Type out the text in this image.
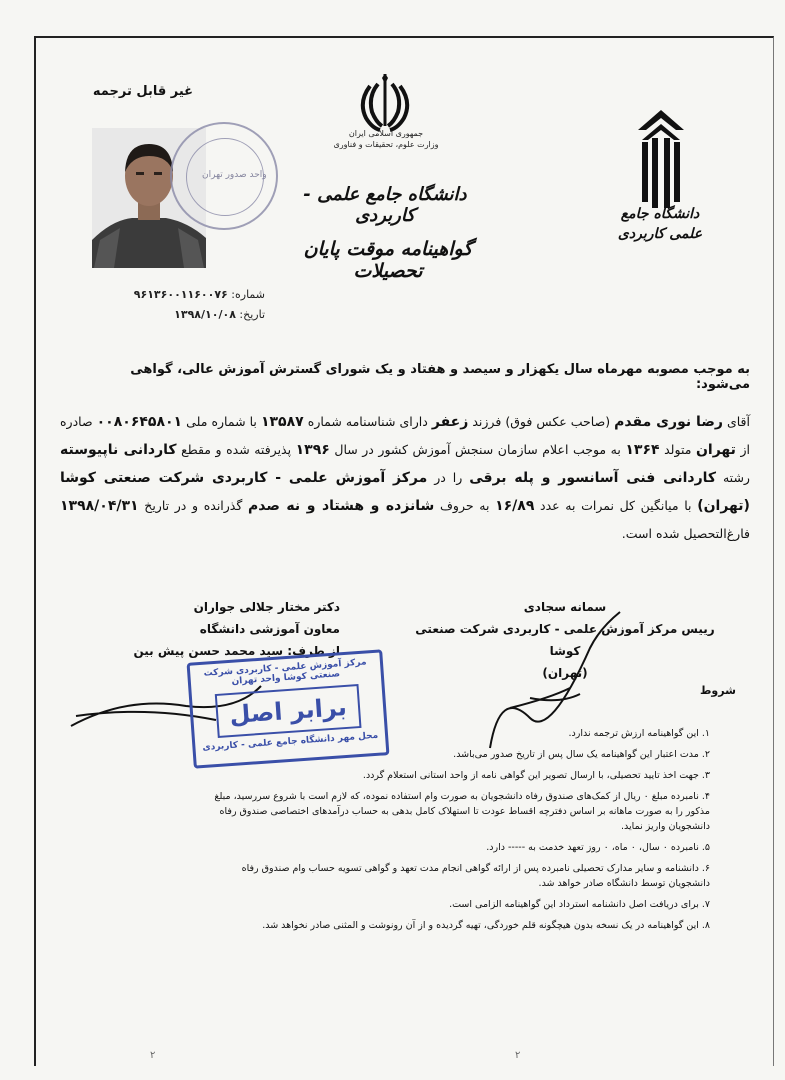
غیر قابل ترجمه
واحد صدور تهران
شماره: ۹۶۱۳۶۰۰۱۱۶۰۰۷۶
تاریخ: ۱۳۹۸/۱۰/۰۸
جمهوری اسلامی ایران
وزارت علوم، تحقیقات و فناوری
دانشگاه جامع علمی - کاربردی
گواهینامه موقت پایان تحصیلات
دانشگاه جامع
علمی کاربردی
به موجب مصوبه مهرماه سال یکهزار و سیصد و هفتاد و یک شورای گسترش آموزش عالی، گواهی می‌شود:
آقای رضا نوری مقدم (صاحب عکس فوق) فرزند زعفر دارای شناسنامه شماره ۱۳۵۸۷ با شماره ملی ۰۰۸۰۶۴۵۸۰۱ صادره از تهران متولد ۱۳۶۴ به موجب اعلام سازمان سنجش آموزش کشور در سال ۱۳۹۶ پذیرفته شده و مقطع کاردانی ناپیوسته رشته کاردانی فنی آسانسور و پله برقی را در مرکز آموزش علمی - کاربردی شرکت صنعتی کوشا (تهران) با میانگین کل نمرات به عدد ۱۶/۸۹ به حروف شانزده و هشتاد و نه صدم گذرانده و در تاریخ ۱۳۹۸/۰۴/۳۱ فارغ‌التحصیل شده است.
سمانه سجادی
رییس مرکز آموزش علمی - کاربردی شرکت صنعتی کوشا
(تهران)
دکتر مختار جلالی جواران
معاون آموزشی دانشگاه
از طرف: سید محمد حسن پیش بین
مرکز آموزش علمی - کاربردی شرکت صنعتی کوشا واحد تهران
برابر اصل
محل مهر دانشگاه جامع علمی - کاربردی
شروط
۱. این گواهینامه ارزش ترجمه ندارد.
۲. مدت اعتبار این گواهینامه یک سال پس از تاریخ صدور می‌باشد.
۳. جهت اخذ تایید تحصیلی، با ارسال تصویر این گواهی نامه از واحد استانی استعلام گردد.
۴. نامبرده مبلغ ۰ ریال از کمک‌های صندوق رفاه دانشجویان به صورت وام استفاده نموده، که لازم است با شروع سررسید، مبلغ مذکور را به صورت ماهانه بر اساس دفترچه اقساط عودت تا استهلاک کامل بدهی به حساب درآمدهای اختصاصی صندوق رفاه دانشجویان واریز نماید.
۵. نامبرده ۰ سال، ۰ ماه، ۰ روز تعهد خدمت به ----- دارد.
۶. دانشنامه و سایر مدارک تحصیلی نامبرده پس از ارائه گواهی انجام مدت تعهد و گواهی تسویه حساب وام صندوق رفاه دانشجویان توسط دانشگاه صادر خواهد شد.
۷. برای دریافت اصل دانشنامه استرداد این گواهینامه الزامی است.
۸. این گواهینامه در یک نسخه بدون هیچگونه قلم خوردگی، تهیه گردیده و از آن رونوشت و المثنی صادر نخواهد شد.
۲	۲
